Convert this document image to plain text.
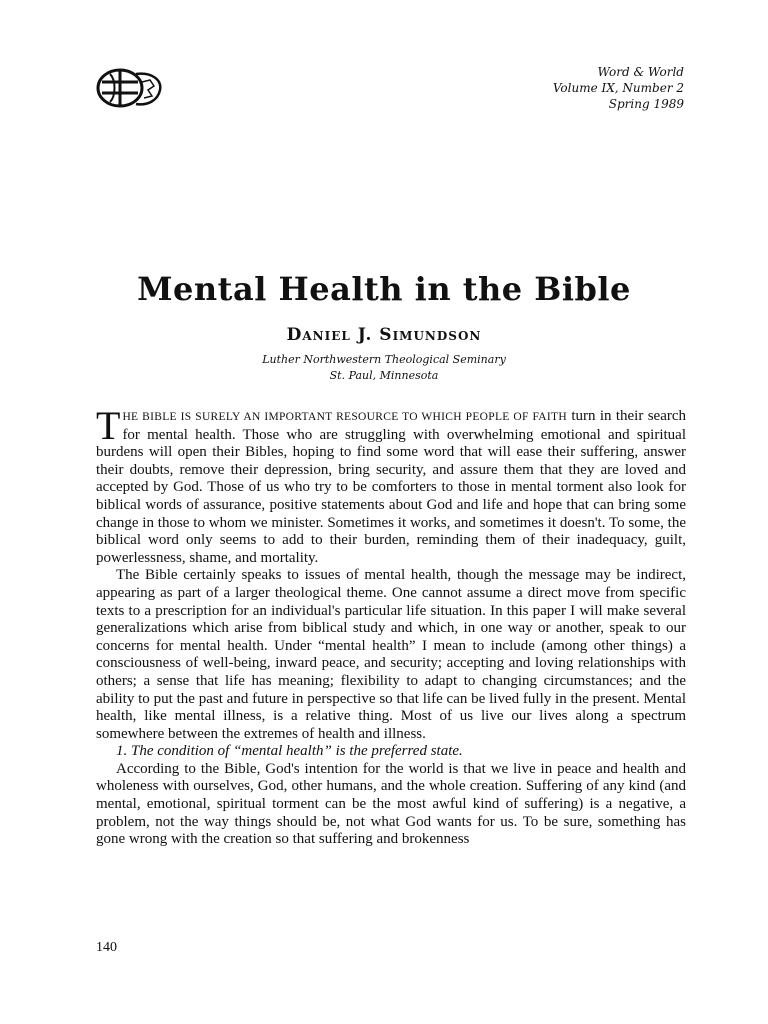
Word & World
Volume IX, Number 2
Spring 1989
Mental Health in the Bible
Daniel J. Simundson
Luther Northwestern Theological Seminary
St. Paul, Minnesota

THE BIBLE IS SURELY AN IMPORTANT RESOURCE TO WHICH PEOPLE OF FAITH turn in their search for mental health. Those who are struggling with overwhelming emotional and spiritual burdens will open their Bibles, hoping to find some word that will ease their suffering, answer their doubts, remove their depression, bring security, and assure them that they are loved and accepted by God. Those of us who try to be comforters to those in mental torment also look for biblical words of assurance, positive statements about God and life and hope that can bring some change in those to whom we minister. Sometimes it works, and sometimes it doesn't. To some, the biblical word only seems to add to their burden, reminding them of their inadequacy, guilt, powerlessness, shame, and mortality.

The Bible certainly speaks to issues of mental health, though the message may be indirect, appearing as part of a larger theological theme. One cannot assume a direct move from specific texts to a prescription for an individual's particular life situation. In this paper I will make several generalizations which arise from biblical study and which, in one way or another, speak to our concerns for mental health. Under “mental health” I mean to include (among other things) a consciousness of well-being, inward peace, and security; accepting and loving relationships with others; a sense that life has meaning; flexibility to adapt to changing circumstances; and the ability to put the past and future in perspective so that life can be lived fully in the present. Mental health, like mental illness, is a relative thing. Most of us live our lives along a spectrum somewhere between the extremes of health and illness.

1. The condition of “mental health” is the preferred state.

According to the Bible, God's intention for the world is that we live in peace and health and wholeness with ourselves, God, other humans, and the whole creation. Suffering of any kind (and mental, emotional, spiritual torment can be the most awful kind of suffering) is a negative, a problem, not the way things should be, not what God wants for us. To be sure, something has gone wrong with the creation so that suffering and brokenness

140
